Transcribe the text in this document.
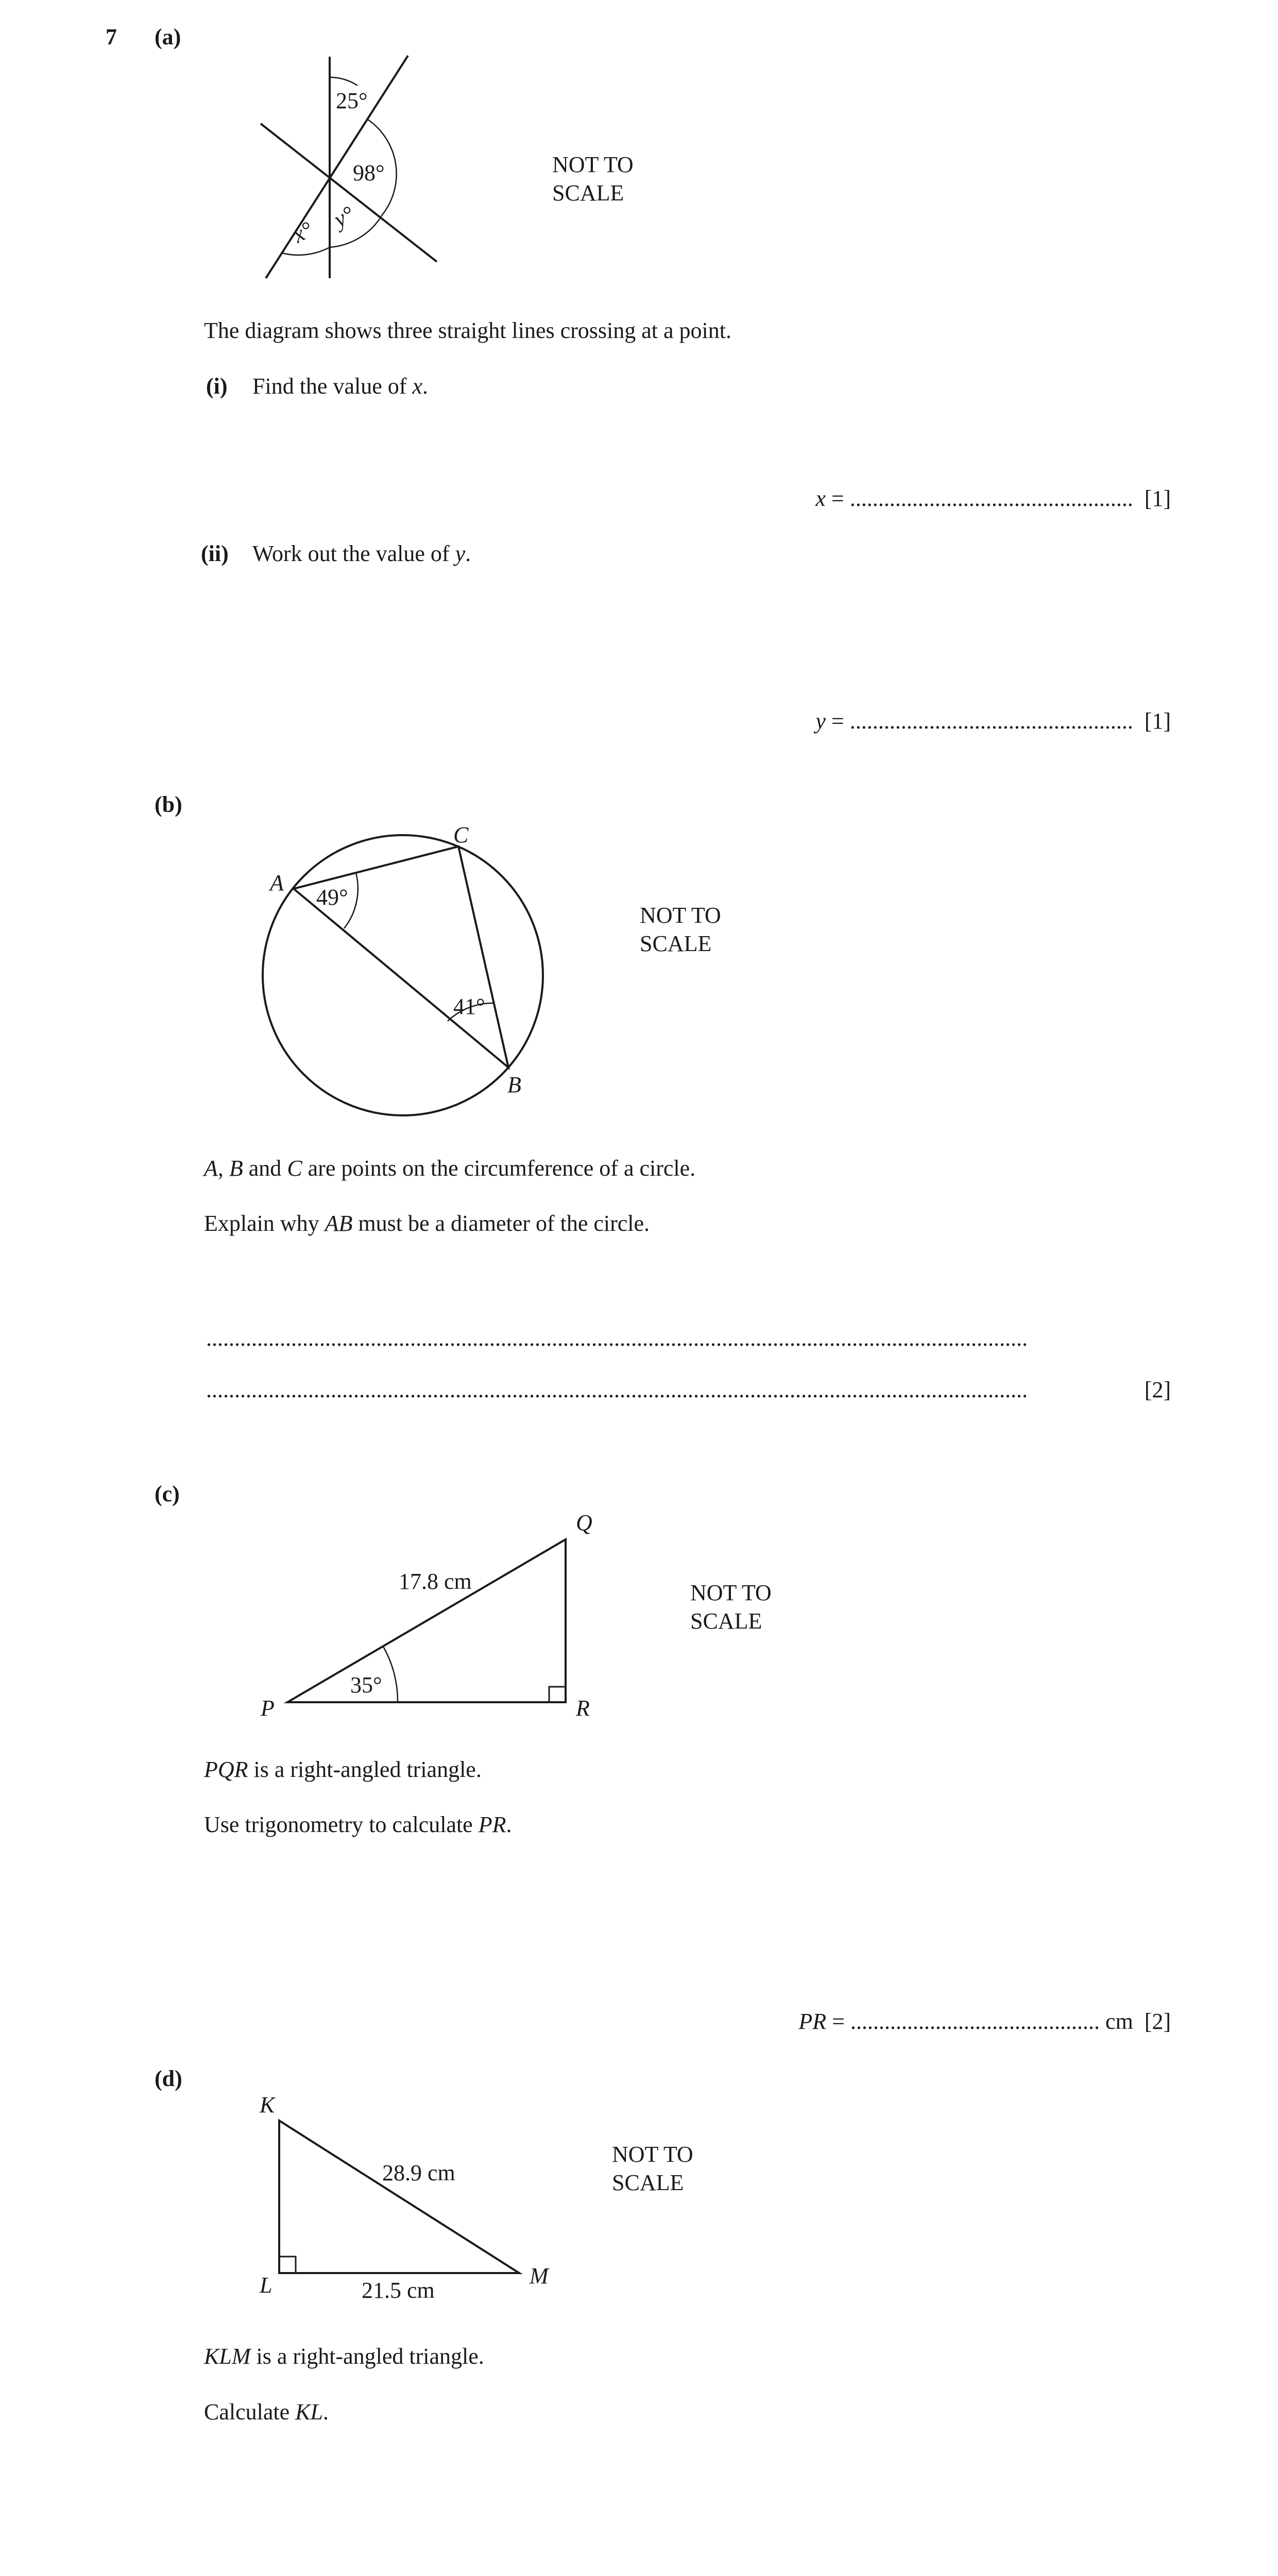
7 (a)
25°
98°
x° y°
NOT TO
SCALE
The diagram shows three straight lines crossing at a point.
(i) Find the value of x.
x = .................................................. [1]
(ii) Work out the value of y.
y = .................................................. [1]
(b)
A
C
B
49°
41°
NOT TO
SCALE
A, B and C are points on the circumference of a circle.
Explain why AB must be a diameter of the circle.
.................................................................................................................................................
.................................................................................................................................................	[2]
(c)
P
Q
R
17.8 cm
35°
NOT TO
SCALE
PQR is a right-angled triangle.
Use trigonometry to calculate PR.
PR = ............................................ cm [2]
(d)
K
L	M
28.9 cm
21.5 cm
NOT TO
SCALE
KLM is a right-angled triangle.
Calculate KL.
